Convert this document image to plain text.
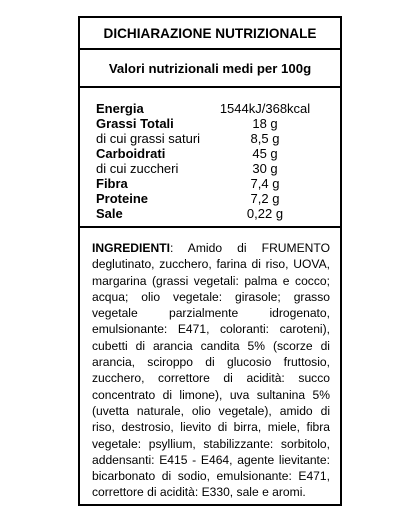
DICHIARAZIONE NUTRIZIONALE
Valori nutrizionali medi per 100g
Energia	1544kJ/368kcal
Grassi Totali	18 g
di cui grassi saturi	8,5 g
Carboidrati	45 g
di cui zuccheri	30 g
Fibra	7,4 g
Proteine	7,2 g
Sale	0,22 g
INGREDIENTI: Amido di FRUMENTO deglutinato, zucchero, farina di riso, UOVA, margarina (grassi vegetali: palma e cocco; acqua; olio vegetale: girasole; grasso vegetale parzialmente idrogenato, emulsionante: E471, coloranti: caroteni), cubetti di arancia candita 5% (scorze di arancia, sciroppo di glucosio fruttosio, zucchero, correttore di acidità: succo concentrato di limone), uva sultanina 5% (uvetta naturale, olio vegetale), amido di riso, destrosio, lievito di birra, miele, fibra vegetale: psyllium, stabilizzante: sorbitolo, addensanti: E415 - E464, agente lievitante: bicarbonato di sodio, emulsionante: E471, correttore di acidità: E330, sale e aromi.
